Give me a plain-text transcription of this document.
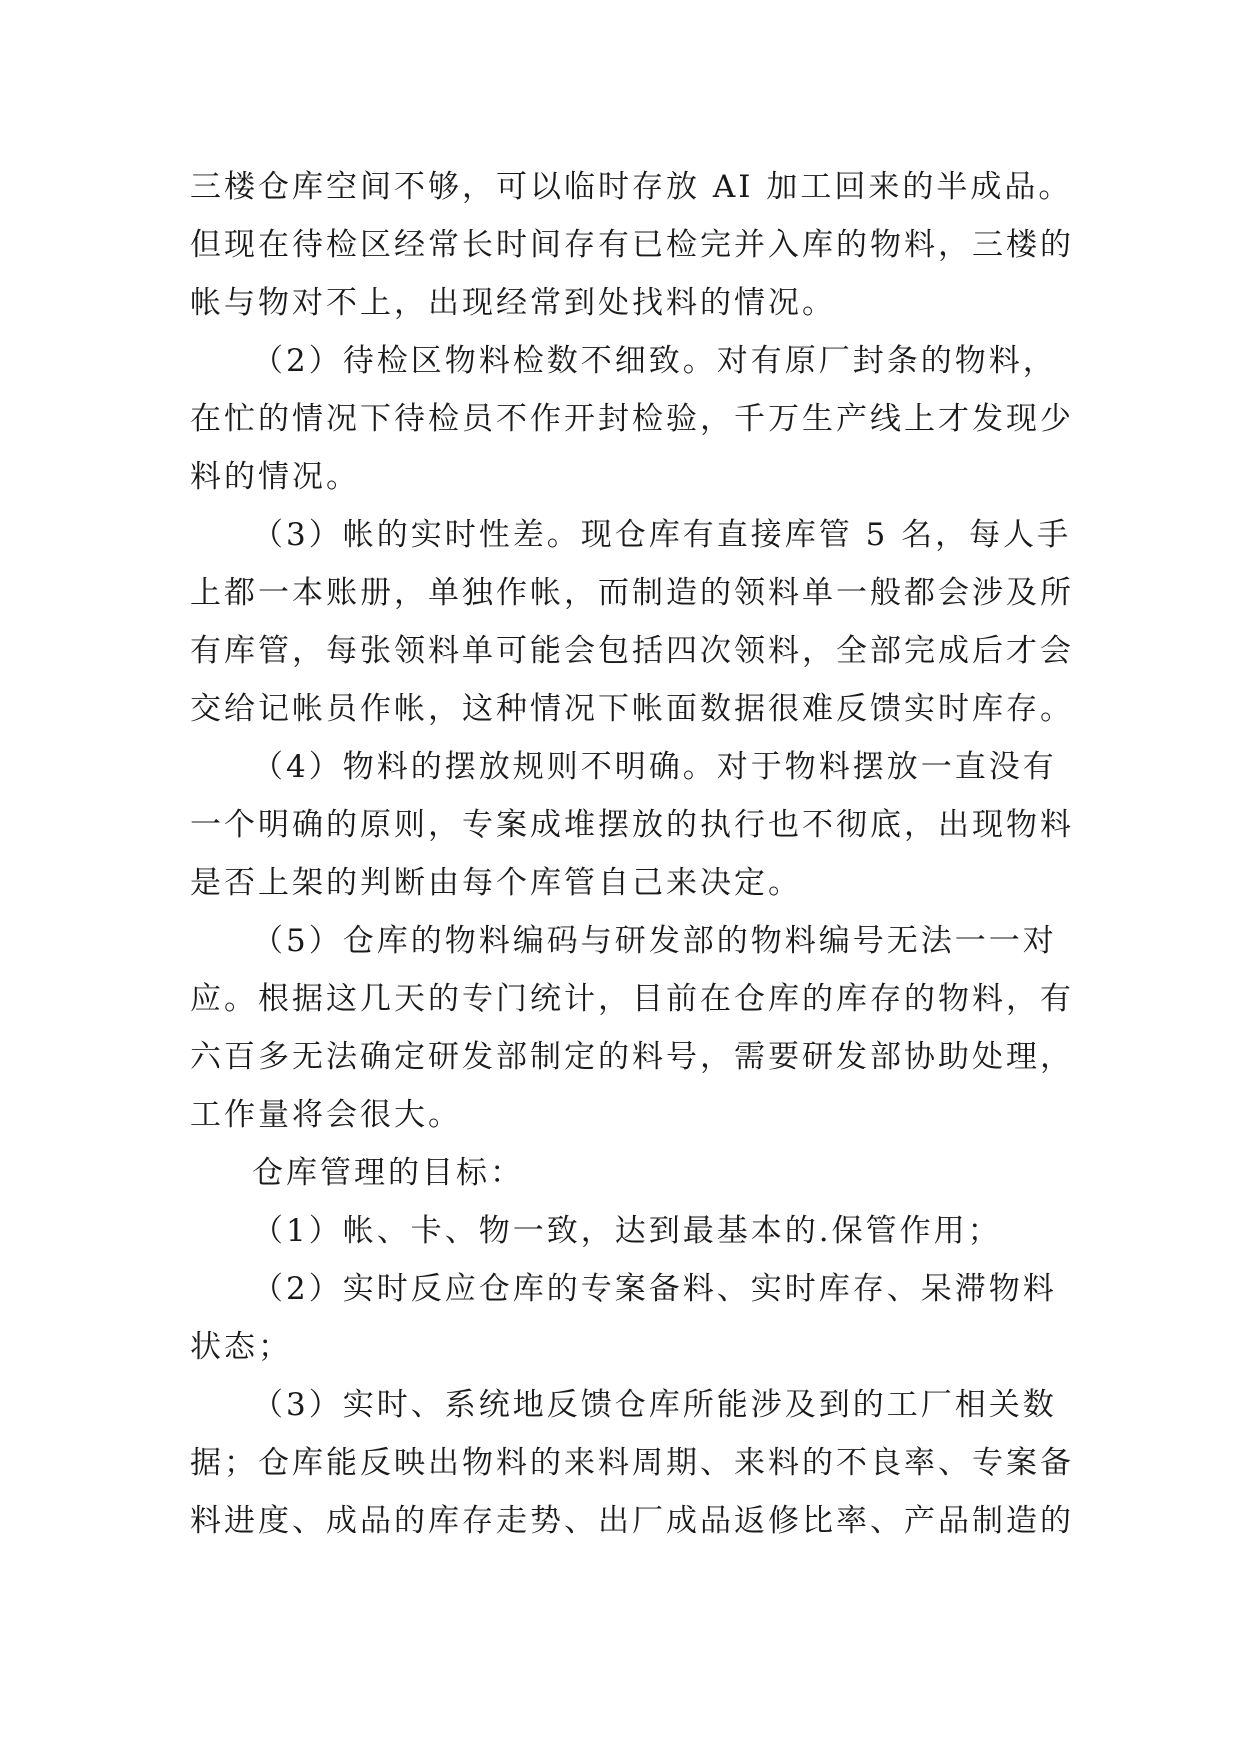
三楼仓库空间不够，可以临时存放 AI 加工回来的半成品。
但现在待检区经常长时间存有已检完并入库的物料，三楼的
帐与物对不上，出现经常到处找料的情况。
（2）待检区物料检数不细致。对有原厂封条的物料，
在忙的情况下待检员不作开封检验，千万生产线上才发现少
料的情况。
（3）帐的实时性差。现仓库有直接库管 5 名，每人手
上都一本账册，单独作帐，而制造的领料单一般都会涉及所
有库管，每张领料单可能会包括四次领料，全部完成后才会
交给记帐员作帐，这种情况下帐面数据很难反馈实时库存。
（4）物料的摆放规则不明确。对于物料摆放一直没有
一个明确的原则，专案成堆摆放的执行也不彻底，出现物料
是否上架的判断由每个库管自己来决定。
（5）仓库的物料编码与研发部的物料编号无法一一对
应。根据这几天的专门统计，目前在仓库的库存的物料，有
六百多无法确定研发部制定的料号，需要研发部协助处理，
工作量将会很大。
仓库管理的目标：
（1）帐、卡、物一致，达到最基本的.保管作用；
（2）实时反应仓库的专案备料、实时库存、呆滞物料
状态；
（3）实时、系统地反馈仓库所能涉及到的工厂相关数
据；仓库能反映出物料的来料周期、来料的不良率、专案备
料进度、成品的库存走势、出厂成品返修比率、产品制造的
